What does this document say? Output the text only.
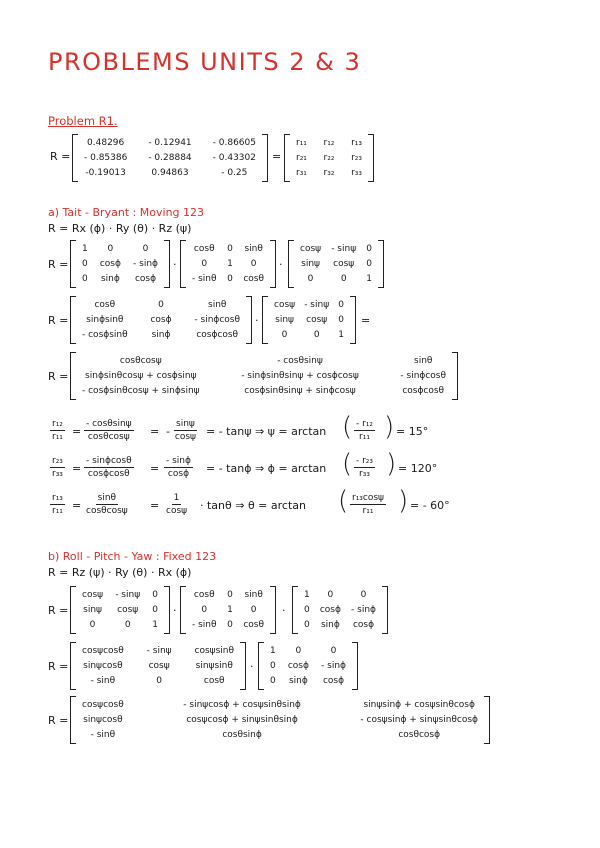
PROBLEMS UNITS 2 & 3
Problem R1.
R =
0.48296	- 0.12941	- 0.86605
- 0.85386	- 0.28884	- 0.43302
-0.19013	0.94863	- 0.25
=
r₁₁	r₁₂	r₁₃
r₂₁	r₂₂	r₂₃
r₃₁	r₃₂	r₃₃
a) Tait - Bryant : Moving 123
R = Rx (ϕ) · Ry (θ) · Rz (ψ)
R =
1	0	0
0	cosϕ	- sinϕ
0	sinϕ	cosϕ
·
cosθ	0	sinθ
0	1	0
- sinθ	0	cosθ
·
cosψ	- sinψ	0
sinψ	cosψ	0
0	0	1
R =
cosθ	0	sinθ
sinϕsinθ	cosϕ	- sinϕcosθ
- cosϕsinθ	sinϕ	cosϕcosθ
·
cosψ	- sinψ	0
sinψ	cosψ	0
0	0	1
=
R =
cosθcosψ	- cosθsinψ	sinθ
sinϕsinθcosψ + cosϕsinψ	- sinϕsinθsinψ + cosϕcosψ	- sinϕcosθ
- cosϕsinθcosψ + sinϕsinψ	cosϕsinθsinψ + sinϕcosψ	cosϕcosθ
$\frac{\text{r₁₂}}{\text{r₁₁}} = \frac{- \cos\theta\sin\psi}{\cos\theta\cos\psi}$ = - $\frac{\sin\psi}{\cos\psi}$ = - tanψ ⇒ ψ = arctan ( $\frac{\text{- r₁₂}}{\text{r₁₁}}$ ) = 15°
$\frac{\text{r₂₃}}{\text{r₃₃}} = \frac{- \sin\phi\cos\theta}{\cos\phi\cos\theta} = \frac{- \sin\phi}{\cos\phi}$ = - tanϕ ⇒ ϕ = arctan ( $\frac{\text{- r₂₃}}{\text{r₃₃}}$ ) = 120°
$\frac{\text{r₁₃}}{\text{r₁₁}} = \frac{\sin\theta}{\cos\theta\cos\psi} = \frac{1}{\cos\psi} \cdot \tan\theta$ ⇒ θ = arctan ( $\frac{\text{r₁₃cosψ}}{\text{r₁₁}}$ ) = - 60°
b) Roll - Pitch - Yaw : Fixed 123
R = Rz (ψ) · Ry (θ) · Rx (ϕ)
R =
cosψ	- sinψ	0
sinψ	cosψ	0
0	0	1
·
cosθ	0	sinθ
0	1	0
- sinθ	0	cosθ
·
1	0	0
0	cosϕ	- sinϕ
0	sinϕ	cosϕ
R =
cosψcosθ	- sinψ	cosψsinθ
sinψcosθ	cosψ	sinψsinθ
- sinθ	0	cosθ
·
1	0	0
0	cosϕ	- sinϕ
0	sinϕ	cosϕ
R =
cosψcosθ	- sinψcosϕ + cosψsinθsinϕ	sinψsinϕ + cosψsinθcosϕ
sinψcosθ	cosψcosϕ + sinψsinθsinϕ	- cosψsinϕ + sinψsinθcosϕ
- sinθ	cosθsinϕ	cosθcosϕ
